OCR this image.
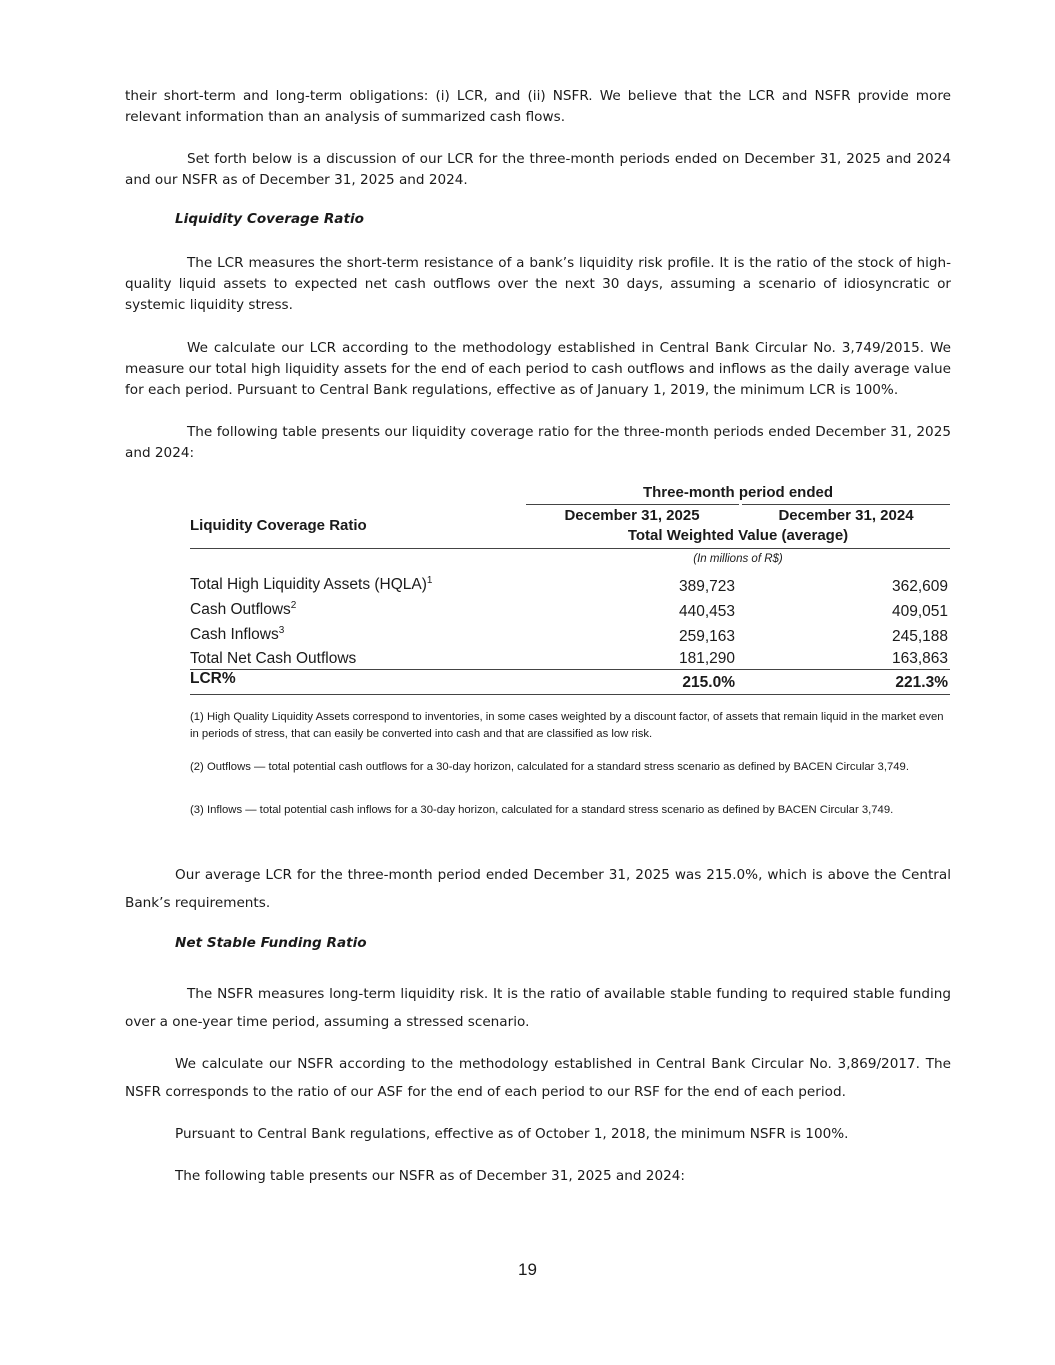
their short-term and long-term obligations: (i) LCR, and (ii) NSFR. We believe that the LCR and NSFR provide more relevant information than an analysis of summarized cash flows.

Set forth below is a discussion of our LCR for the three-month periods ended on December 31, 2025 and 2024 and our NSFR as of December 31, 2025 and 2024.

Liquidity Coverage Ratio

The LCR measures the short-term resistance of a bank’s liquidity risk profile. It is the ratio of the stock of high-quality liquid assets to expected net cash outflows over the next 30 days, assuming a scenario of idiosyncratic or systemic liquidity stress.

We calculate our LCR according to the methodology established in Central Bank Circular No. 3,749/2015. We measure our total high liquidity assets for the end of each period to cash outflows and inflows as the daily average value for each period. Pursuant to Central Bank regulations, effective as of January 1, 2019, the minimum LCR is 100%.

The following table presents our liquidity coverage ratio for the three-month periods ended December 31, 2025 and 2024:

Three-month period ended
December 31, 2025	December 31, 2024
Liquidity Coverage Ratio
Total Weighted Value (average)
(In millions of R$)
Total High Liquidity Assets (HQLA)$^1$	389,723	362,609
Cash Outflows$^2$	440,453	409,051
Cash Inflows$^3$	259,163	245,188
Total Net Cash Outflows	181,290	163,863
LCR%	215.0%	221.3%
(1) High Quality Liquidity Assets correspond to inventories, in some cases weighted by a discount factor, of assets that remain liquid in the market even in periods of stress, that can easily be converted into cash and that are classified as low risk.
(2) Outflows — total potential cash outflows for a 30-day horizon, calculated for a standard stress scenario as defined by BACEN Circular 3,749.
(3) Inflows — total potential cash inflows for a 30-day horizon, calculated for a standard stress scenario as defined by BACEN Circular 3,749.

Our average LCR for the three-month period ended December 31, 2025 was 215.0%, which is above the Central Bank’s requirements.

Net Stable Funding Ratio

The NSFR measures long-term liquidity risk. It is the ratio of available stable funding to required stable funding over a one-year time period, assuming a stressed scenario.

We calculate our NSFR according to the methodology established in Central Bank Circular No. 3,869/2017. The NSFR corresponds to the ratio of our ASF for the end of each period to our RSF for the end of each period.

Pursuant to Central Bank regulations, effective as of October 1, 2018, the minimum NSFR is 100%.

The following table presents our NSFR as of December 31, 2025 and 2024:

19
